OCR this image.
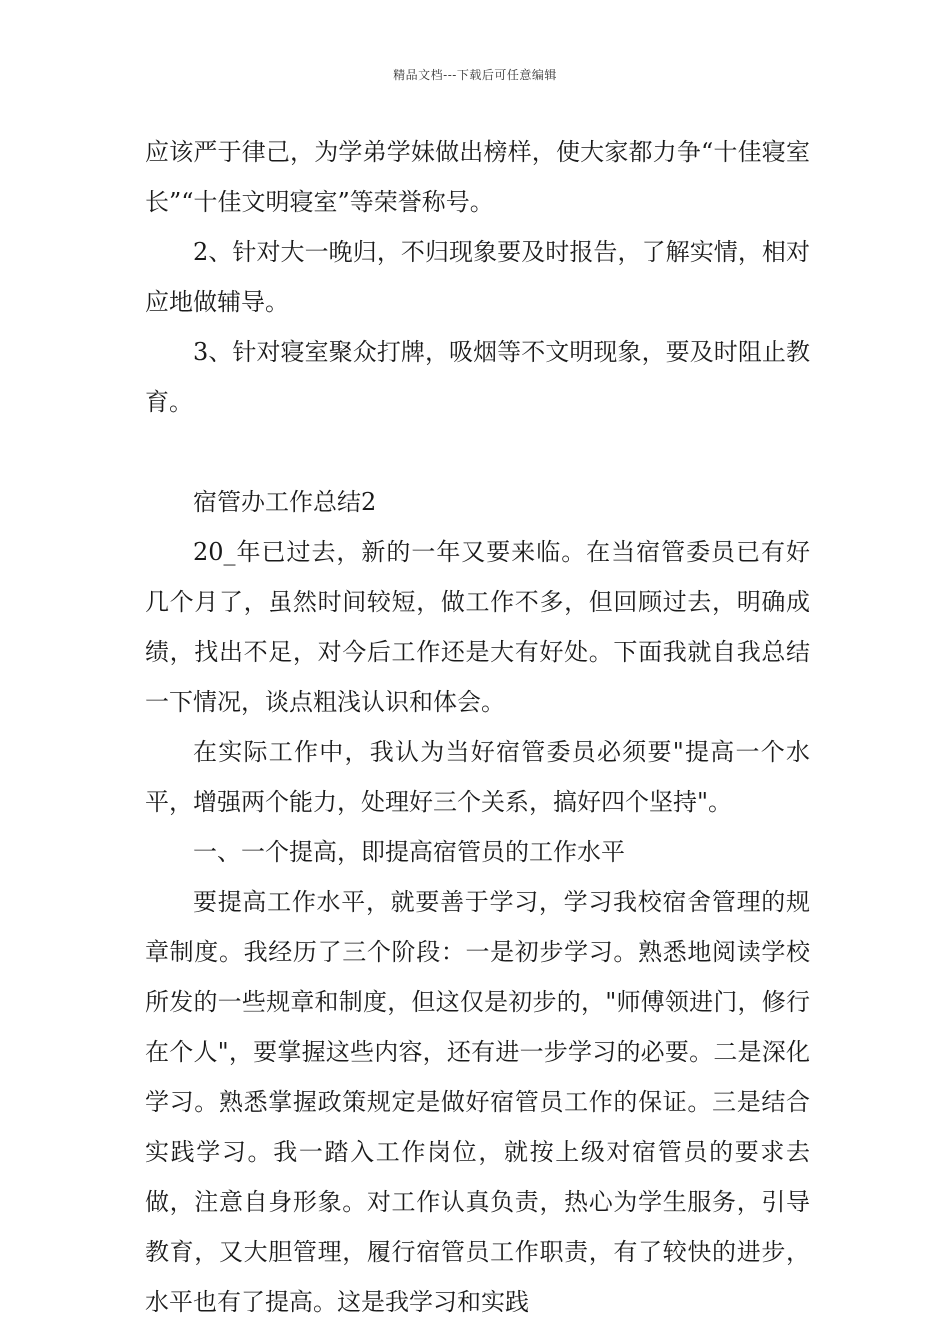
精品文档---下载后可任意编辑

应该严于律己，为学弟学妹做出榜样，使大家都力争“十佳寝室长”“十佳文明寝室”等荣誉称号。

2、针对大一晚归，不归现象要及时报告，了解实情，相对应地做辅导。

3、针对寝室聚众打牌，吸烟等不文明现象，要及时阻止教育。

宿管办工作总结2

20_年已过去，新的一年又要来临。在当宿管委员已有好几个月了，虽然时间较短，做工作不多，但回顾过去，明确成绩，找出不足，对今后工作还是大有好处。下面我就自我总结一下情况，谈点粗浅认识和体会。

在实际工作中，我认为当好宿管委员必须要"提高一个水平，增强两个能力，处理好三个关系，搞好四个坚持"。

一、一个提高，即提高宿管员的工作水平

要提高工作水平，就要善于学习，学习我校宿舍管理的规章制度。我经历了三个阶段：一是初步学习。熟悉地阅读学校所发的一些规章和制度，但这仅是初步的，"师傅领进门，修行在个人"，要掌握这些内容，还有进一步学习的必要。二是深化学习。熟悉掌握政策规定是做好宿管员工作的保证。三是结合实践学习。我一踏入工作岗位，就按上级对宿管员的要求去做，注意自身形象。对工作认真负责，热心为学生服务，引导教育，又大胆管理，履行宿管员工作职责，有了较快的进步，水平也有了提高。这是我学习和实践
